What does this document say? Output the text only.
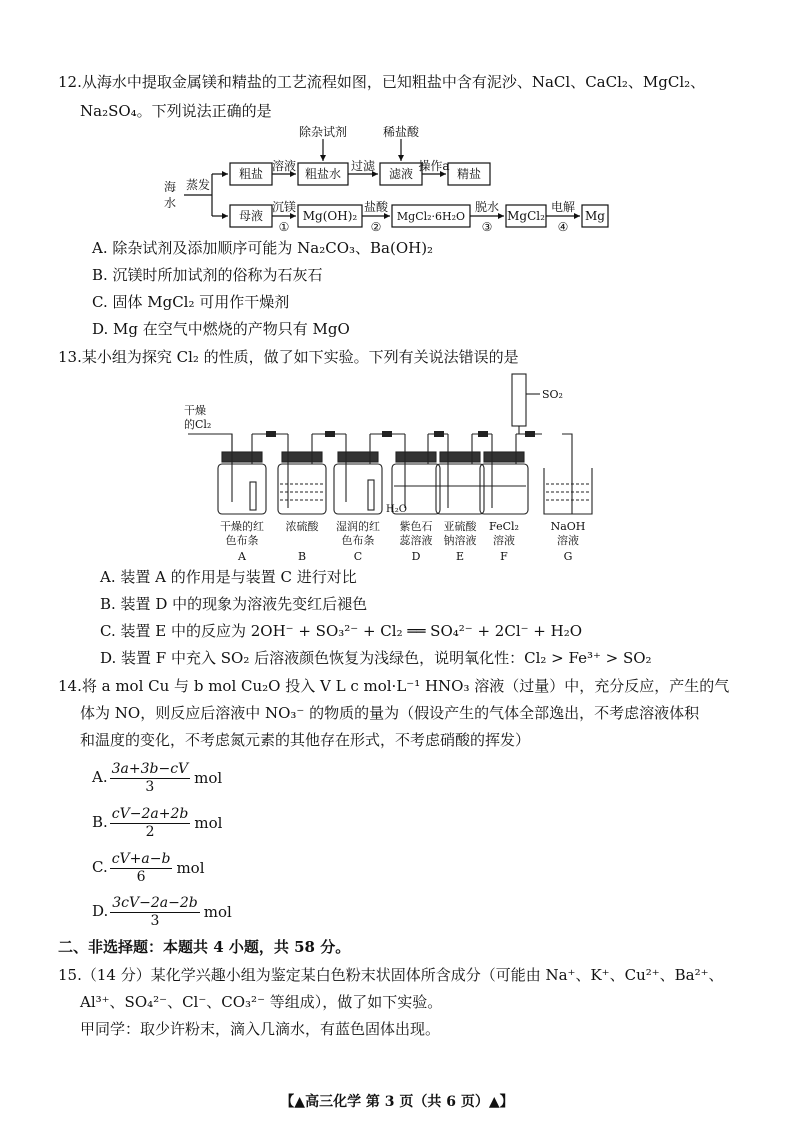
12.从海水中提取金属镁和精盐的工艺流程如图，已知粗盐中含有泥沙、NaCl、CaCl₂、MgCl₂、
Na₂SO₄。下列说法正确的是
海
水
蒸发
粗盐
溶液
粗盐水
除杂试剂
过滤
滤液
稀盐酸
操作a
精盐
母液
沉镁
①
Mg(OH)₂
盐酸
②
MgCl₂·6H₂O
脱水
③
MgCl₂
电解
④
Mg
A. 除杂试剂及添加顺序可能为 Na₂CO₃、Ba(OH)₂
B. 沉镁时所加试剂的俗称为石灰石
C. 固体 MgCl₂ 可用作干燥剂
D. Mg 在空气中燃烧的产物只有 MgO
13.某小组为探究 Cl₂ 的性质，做了如下实验。下列有关说法错误的是
干燥
的Cl₂
SO₂
H₂O
干燥的红
色布条
A
浓硫酸
B
湿润的红
色布条
C
紫色石
蕊溶液
D
亚硫酸
钠溶液
E
FeCl₂
溶液
F
NaOH
溶液
G
A. 装置 A 的作用是与装置 C 进行对比
B. 装置 D 中的现象为溶液先变红后褪色
C. 装置 E 中的反应为 2OH⁻ + SO₃²⁻ + Cl₂ ══ SO₄²⁻ + 2Cl⁻ + H₂O
D. 装置 F 中充入 SO₂ 后溶液颜色恢复为浅绿色，说明氧化性：Cl₂ > Fe³⁺ > SO₂
14.将 a mol Cu 与 b mol Cu₂O 投入 V L c mol·L⁻¹ HNO₃ 溶液（过量）中，充分反应，产生的气
体为 NO，则反应后溶液中 NO₃⁻ 的物质的量为（假设产生的气体全部逸出，不考虑溶液体积
和温度的变化，不考虑氮元素的其他存在形式，不考虑硝酸的挥发）
A. $\frac{3a+3b-cV}{3}$ mol
B. $\frac{cV-2a+2b}{2}$ mol
C. $\frac{cV+a-b}{6}$ mol
D. $\frac{3cV-2a-2b}{3}$ mol
二、非选择题：本题共 4 小题，共 58 分。
15.（14 分）某化学兴趣小组为鉴定某白色粉末状固体所含成分（可能由 Na⁺、K⁺、Cu²⁺、Ba²⁺、
Al³⁺、SO₄²⁻、Cl⁻、CO₃²⁻ 等组成），做了如下实验。
甲同学：取少许粉末，滴入几滴水，有蓝色固体出现。
【▲高三化学 第 3 页（共 6 页）▲】
